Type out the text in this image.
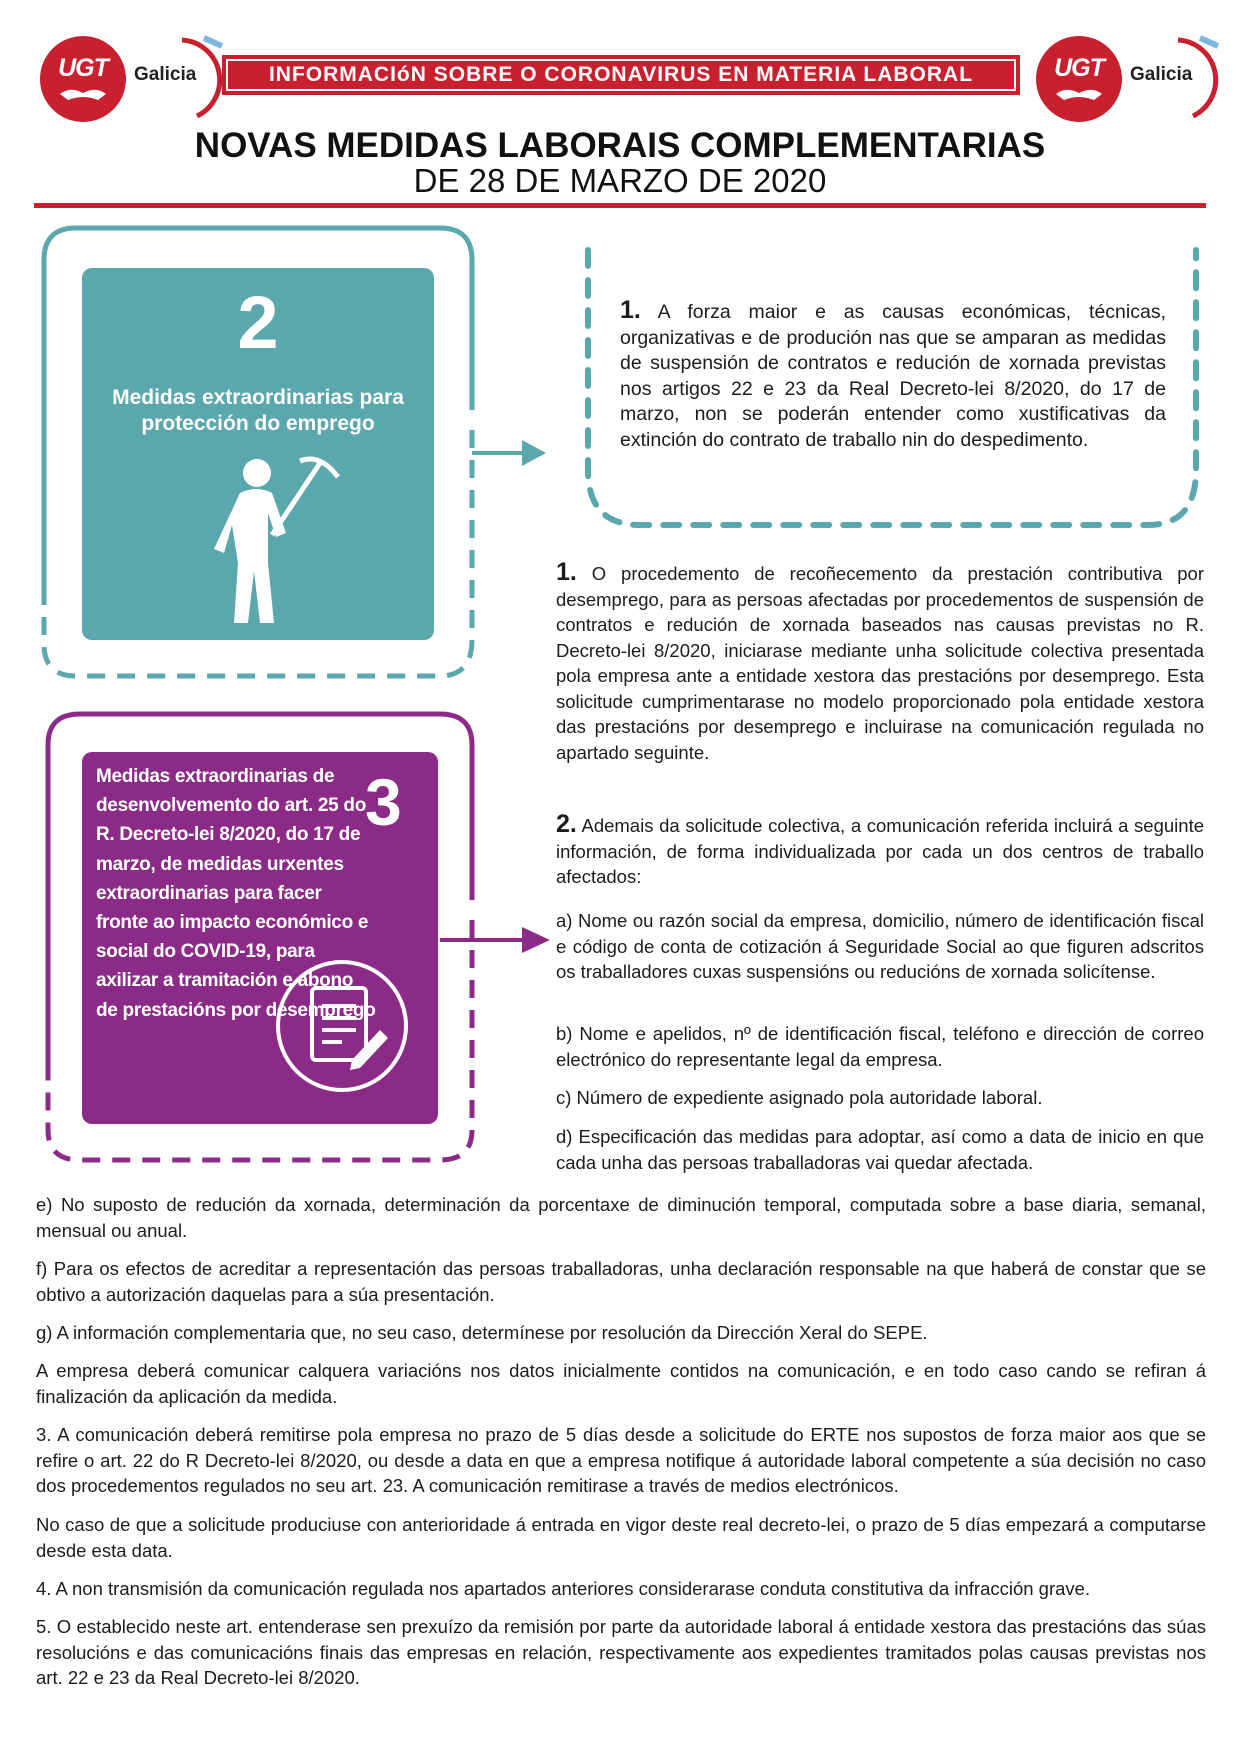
UGT	Galicia	INFORMACIóN SOBRE O CORONAVIRUS EN MATERIA LABORAL	UGT	Galicia
NOVAS MEDIDAS LABORAIS COMPLEMENTARIAS
DE 28 DE MARZO DE 2020
2
Medidas extraordinarias para protección do emprego
1. A forza maior e as causas económicas, técnicas, organizativas e de produción nas que se amparan as medidas de suspensión de contratos e redución de xornada previstas nos artigos 22 e 23 da Real Decreto-lei 8/2020, do 17 de marzo, non se poderán entender como xustificativas da extinción do contrato de traballo nin do despedimento.
Medidas extraordinarias de desenvolvemento do art. 25 do R. Decreto-lei 8/2020, do 17 de marzo, de medidas urxentes extraordinarias para facer fronte ao impacto económico e social do COVID-19, para axilizar a tramitación e abono de prestacións por desemprego
3
1. O procedemento de recoñecemento da prestación contributiva por desemprego, para as persoas afectadas por procedementos de suspensión de contratos e redución de xornada baseados nas causas previstas no R. Decreto-lei 8/2020, iniciarase mediante unha solicitude colectiva presentada pola empresa ante a entidade xestora das prestacións por desemprego. Esta solicitude cumprimentarase no modelo proporcionado pola entidade xestora das prestacións por desemprego e incluirase na comunicación regulada no apartado seguinte.
2. Ademais da solicitude colectiva, a comunicación referida incluirá a seguinte información, de forma individualizada por cada un dos centros de traballo afectados:
a) Nome ou razón social da empresa, domicilio, número de identificación fiscal e código de conta de cotización á Seguridade Social ao que figuren adscritos os traballadores cuxas suspensións ou reducións de xornada solicítense.
b) Nome e apelidos, nº de identificación fiscal, teléfono e dirección de correo electrónico do representante legal da empresa.
c) Número de expediente asignado pola autoridade laboral.
d) Especificación das medidas para adoptar, así como a data de inicio en que cada unha das persoas traballadoras vai quedar afectada.
e) No suposto de redución da xornada, determinación da porcentaxe de diminución temporal, computada sobre a base diaria, semanal, mensual ou anual.
f) Para os efectos de acreditar a representación das persoas traballadoras, unha declaración responsable na que haberá de constar que se obtivo a autorización daquelas para a súa presentación.
g) A información complementaria que, no seu caso, determínese por resolución da Dirección Xeral do SEPE.
A empresa deberá comunicar calquera variacións nos datos inicialmente contidos na comunicación, e en todo caso cando se refiran á finalización da aplicación da medida.
3. A comunicación deberá remitirse pola empresa no prazo de 5 días desde a solicitude do ERTE nos supostos de forza maior aos que se refire o art. 22 do R Decreto-lei 8/2020, ou desde a data en que a empresa notifique á autoridade laboral competente a súa decisión no caso dos procedementos regulados no seu art. 23. A comunicación remitirase a través de medios electrónicos.
No caso de que a solicitude produciuse con anterioridade á entrada en vigor deste real decreto-lei, o prazo de 5 días empezará a computarse desde esta data.
4. A non transmisión da comunicación regulada nos apartados anteriores considerarase conduta constitutiva da infracción grave.
5. O establecido neste art. entenderase sen prexuízo da remisión por parte da autoridade laboral á entidade xestora das prestacións das súas resolucións e das comunicacións finais das empresas en relación, respectivamente aos expedientes tramitados polas causas previstas nos art. 22 e 23 da Real Decreto-lei 8/2020.
